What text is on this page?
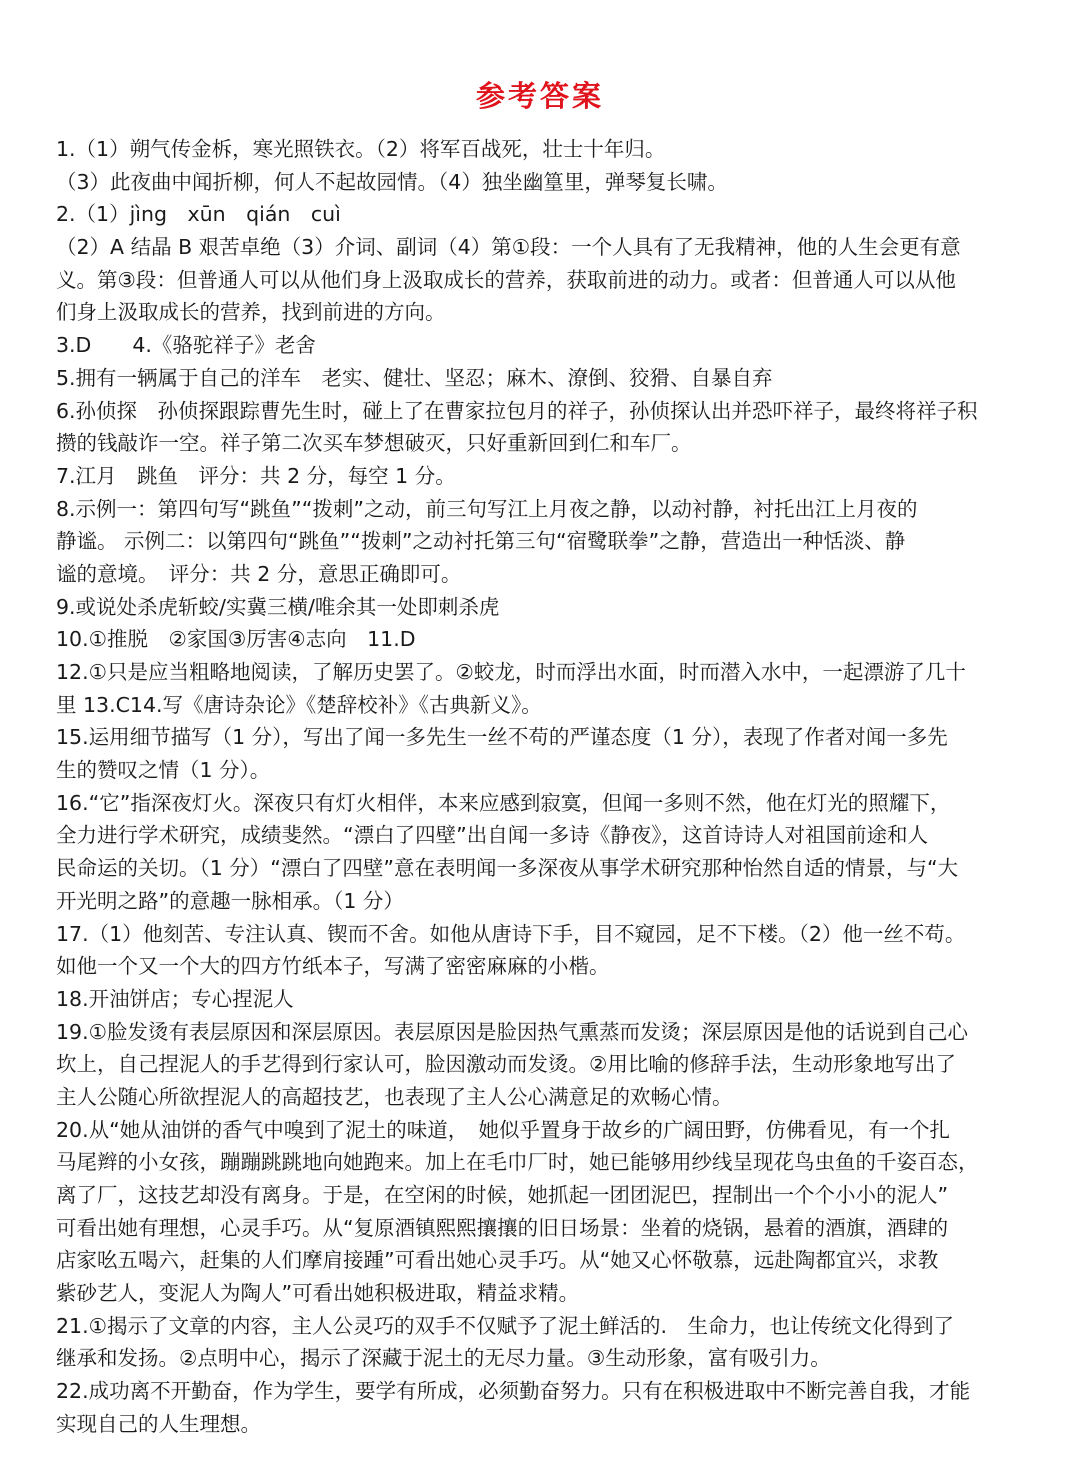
参考答案
1.（1）朔气传金柝，寒光照铁衣。（2）将军百战死，壮士十年归。
（3）此夜曲中闻折柳，何人不起故园情。（4）独坐幽篁里，弹琴复长啸。
2.（1）jìng　xūn　qián　cuì
（2）A 结晶 B 艰苦卓绝（3）介词、副词（4）第①段：一个人具有了无我精神，他的人生会更有意
义。第③段：但普通人可以从他们身上汲取成长的营养，获取前进的动力。或者：但普通人可以从他
们身上汲取成长的营养，找到前进的方向。
3.D　　4.《骆驼祥子》老舍
5.拥有一辆属于自己的洋车　老实、健壮、坚忍；麻木、潦倒、狡猾、自暴自弃
6.孙侦探　孙侦探跟踪曹先生时，碰上了在曹家拉包月的祥子，孙侦探认出并恐吓祥子，最终将祥子积
攒的钱敲诈一空。祥子第二次买车梦想破灭，只好重新回到仁和车厂。
7.江月　跳鱼　评分：共 2 分，每空 1 分。
8.示例一：第四句写“跳鱼”“拨刺”之动，前三句写江上月夜之静，以动衬静，衬托出江上月夜的
静谧。 示例二：以第四句“跳鱼”“拨刺”之动衬托第三句“宿鹭联拳”之静，营造出一种恬淡、静
谧的意境。　评分：共 2 分，意思正确即可。
9.或说处杀虎斩蛟/实冀三横/唯余其一处即刺杀虎
10.①推脱　②家国③厉害④志向　11.D
12.①只是应当粗略地阅读，了解历史罢了。②蛟龙，时而浮出水面，时而潜入水中，一起漂游了几十
里 13.C14.写《唐诗杂论》《楚辞校补》《古典新义》。
15.运用细节描写（1 分），写出了闻一多先生一丝不苟的严谨态度（1 分），表现了作者对闻一多先
生的赞叹之情（1 分）。
16.“它”指深夜灯火。深夜只有灯火相伴，本来应感到寂寞，但闻一多则不然，他在灯光的照耀下，
全力进行学术研究，成绩斐然。“漂白了四壁”出自闻一多诗《静夜》，这首诗诗人对祖国前途和人
民命运的关切。（1 分）“漂白了四壁”意在表明闻一多深夜从事学术研究那种怡然自适的情景，与“大
开光明之路”的意趣一脉相承。（1 分）
17.（1）他刻苦、专注认真、锲而不舍。如他从唐诗下手，目不窥园，足不下楼。（2）他一丝不苟。
如他一个又一个大的四方竹纸本子，写满了密密麻麻的小楷。
18.开油饼店；专心捏泥人
19.①脸发烫有表层原因和深层原因。表层原因是脸因热气熏蒸而发烫；深层原因是他的话说到自己心
坎上，自己捏泥人的手艺得到行家认可，脸因激动而发烫。②用比喻的修辞手法，生动形象地写出了
主人公随心所欲捏泥人的高超技艺，也表现了主人公心满意足的欢畅心情。
20.从“她从油饼的香气中嗅到了泥土的味道，　她似乎置身于故乡的广阔田野，仿佛看见，有一个扎
马尾辫的小女孩，蹦蹦跳跳地向她跑来。加上在毛巾厂时，她已能够用纱线呈现花鸟虫鱼的千姿百态，
离了厂，这技艺却没有离身。于是，在空闲的时候，她抓起一团团泥巴，捏制出一个个小小的泥人”
可看出她有理想，心灵手巧。从“复原酒镇熙熙攘攘的旧日场景：坐着的烧锅，悬着的酒旗，酒肆的
店家吆五喝六，赶集的人们摩肩接踵”可看出她心灵手巧。从“她又心怀敬慕，远赴陶都宜兴，求教
紫砂艺人，变泥人为陶人”可看出她积极进取，精益求精。
21.①揭示了文章的内容，主人公灵巧的双手不仅赋予了泥土鲜活的.　生命力，也让传统文化得到了
继承和发扬。②点明中心，揭示了深藏于泥土的无尽力量。③生动形象，富有吸引力。
22.成功离不开勤奋，作为学生，要学有所成，必须勤奋努力。只有在积极进取中不断完善自我，才能
实现自己的人生理想。
